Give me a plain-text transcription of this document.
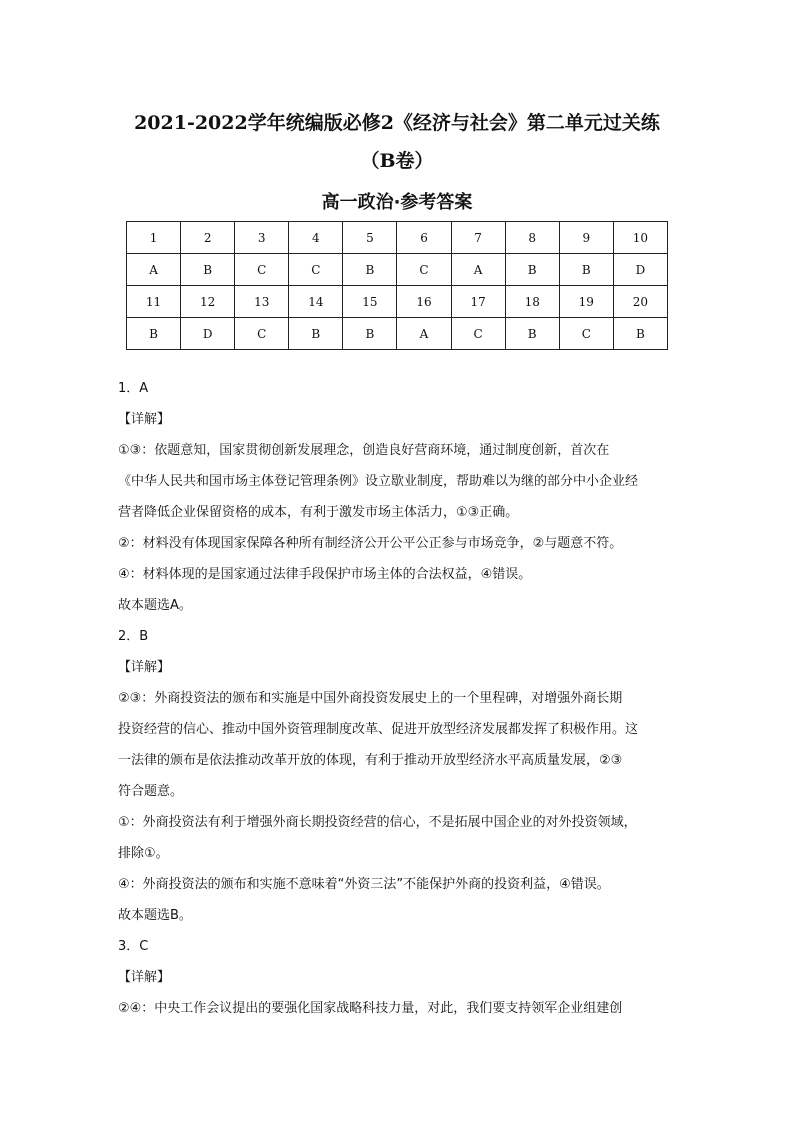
2021-2022学年统编版必修2《经济与社会》第二单元过关练
（B卷）
高一政治·参考答案
1	2	3	4	5	6	7	8	9	10
A	B	C	C	B	C	A	B	B	D
11	12	13	14	15	16	17	18	19	20
B	D	C	B	B	A	C	B	C	B
1．A
【详解】
①③：依题意知，国家贯彻创新发展理念，创造良好营商环境，通过制度创新，首次在
《中华人民共和国市场主体登记管理条例》设立歇业制度，帮助难以为继的部分中小企业经
营者降低企业保留资格的成本，有利于激发市场主体活力，①③正确。
②：材料没有体现国家保障各种所有制经济公开公平公正参与市场竞争，②与题意不符。
④：材料体现的是国家通过法律手段保护市场主体的合法权益，④错误。
故本题选A。
2．B
【详解】
②③：外商投资法的颁布和实施是中国外商投资发展史上的一个里程碑，对增强外商长期
投资经营的信心、推动中国外资管理制度改革、促进开放型经济发展都发挥了积极作用。这
一法律的颁布是依法推动改革开放的体现，有利于推动开放型经济水平高质量发展，②③
符合题意。
①：外商投资法有利于增强外商长期投资经营的信心，不是拓展中国企业的对外投资领域，
排除①。
④：外商投资法的颁布和实施不意味着“外资三法”不能保护外商的投资利益，④错误。
故本题选B。
3．C
【详解】
②④：中央工作会议提出的要强化国家战略科技力量，对此，我们要支持领军企业组建创
